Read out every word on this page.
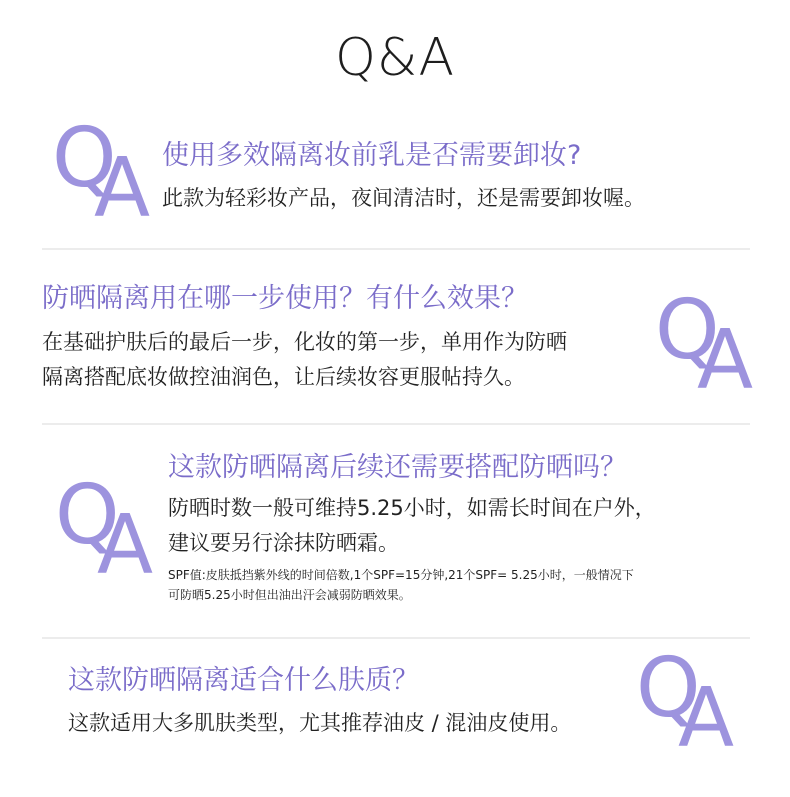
Q&A
Q
A 使用多效隔离妆前乳是否需要卸妆?
此款为轻彩妆产品，夜间清洁时，还是需要卸妆喔。
防晒隔离用在哪一步使用？有什么效果？
在基础护肤后的最后一步，化妆的第一步，单用作为防晒
隔离搭配底妆做控油润色，让后续妆容更服帖持久。	Q
A
Q
A
这款防晒隔离后续还需要搭配防晒吗？
防晒时数一般可维持5.25小时，如需长时间在户外，
建议要另行涂抹防晒霜。
SPF值:皮肤抵挡紫外线的时间倍数,1个SPF=15分钟,21个SPF= 5.25小时，一般情况下
可防晒5.25小时但出油出汗会减弱防晒效果。
这款防晒隔离适合什么肤质？
这款适用大多肌肤类型，尤其推荐油皮 / 混油皮使用。 Q
A
